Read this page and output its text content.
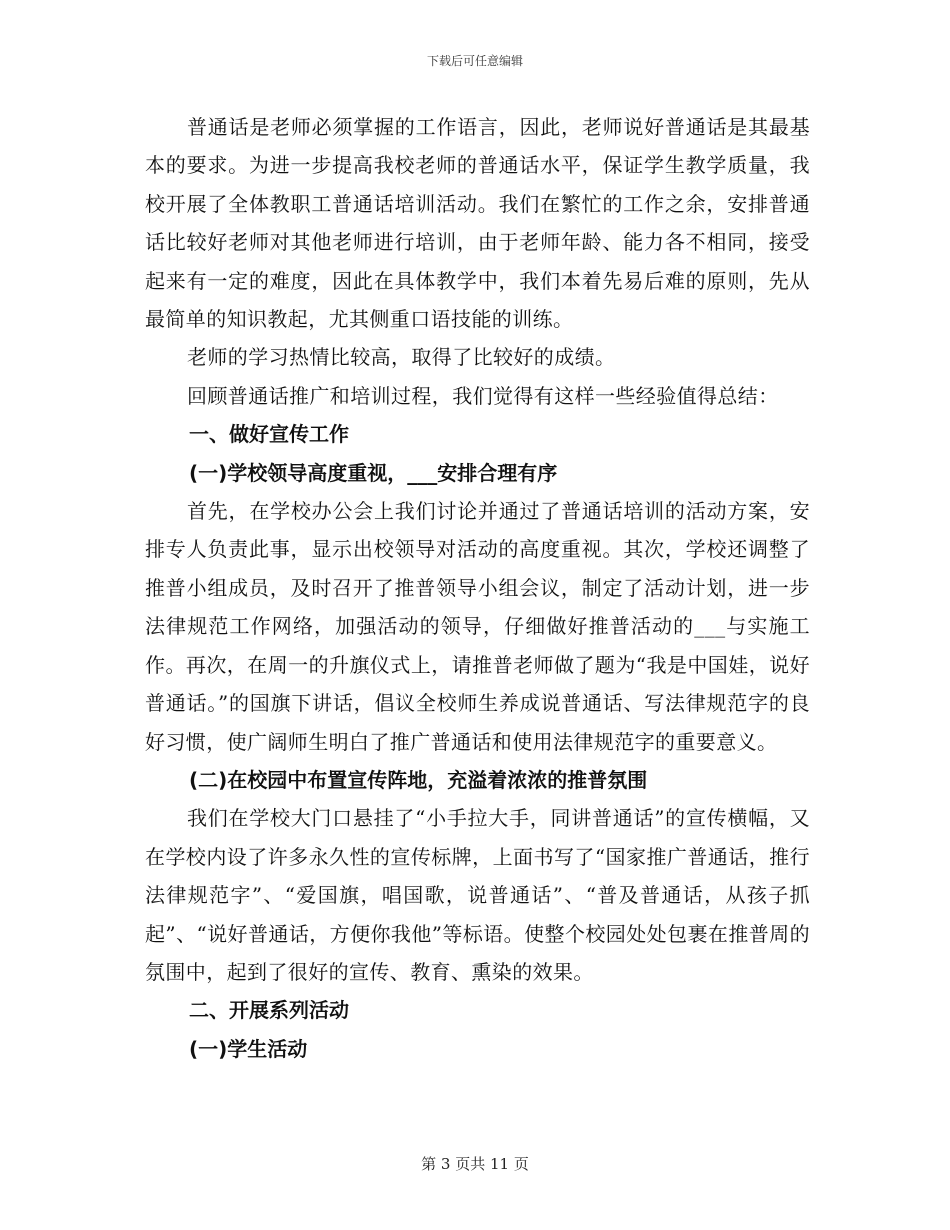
下载后可任意编辑

普通话是老师必须掌握的工作语言，因此，老师说好普通话是其最基本的要求。为进一步提高我校老师的普通话水平，保证学生教学质量，我校开展了全体教职工普通话培训活动。我们在繁忙的工作之余，安排普通话比较好老师对其他老师进行培训，由于老师年龄、能力各不相同，接受起来有一定的难度，因此在具体教学中，我们本着先易后难的原则，先从最简单的知识教起，尤其侧重口语技能的训练。

老师的学习热情比较高，取得了比较好的成绩。

回顾普通话推广和培训过程，我们觉得有这样一些经验值得总结：

一、做好宣传工作

(一)学校领导高度重视，___安排合理有序

首先，在学校办公会上我们讨论并通过了普通话培训的活动方案，安排专人负责此事，显示出校领导对活动的高度重视。其次，学校还调整了推普小组成员，及时召开了推普领导小组会议，制定了活动计划，进一步法律规范工作网络，加强活动的领导，仔细做好推普活动的___与实施工作。再次，在周一的升旗仪式上，请推普老师做了题为“我是中国娃，说好普通话。”的国旗下讲话，倡议全校师生养成说普通话、写法律规范字的良好习惯，使广阔师生明白了推广普通话和使用法律规范字的重要意义。

(二)在校园中布置宣传阵地，充溢着浓浓的推普氛围

我们在学校大门口悬挂了“小手拉大手，同讲普通话”的宣传横幅，又在学校内设了许多永久性的宣传标牌，上面书写了“国家推广普通话，推行法律规范字”、“爱国旗，唱国歌，说普通话”、“普及普通话，从孩子抓起”、“说好普通话，方便你我他”等标语。使整个校园处处包裹在推普周的氛围中，起到了很好的宣传、教育、熏染的效果。

二、开展系列活动

(一)学生活动

第 3 页共 11 页
